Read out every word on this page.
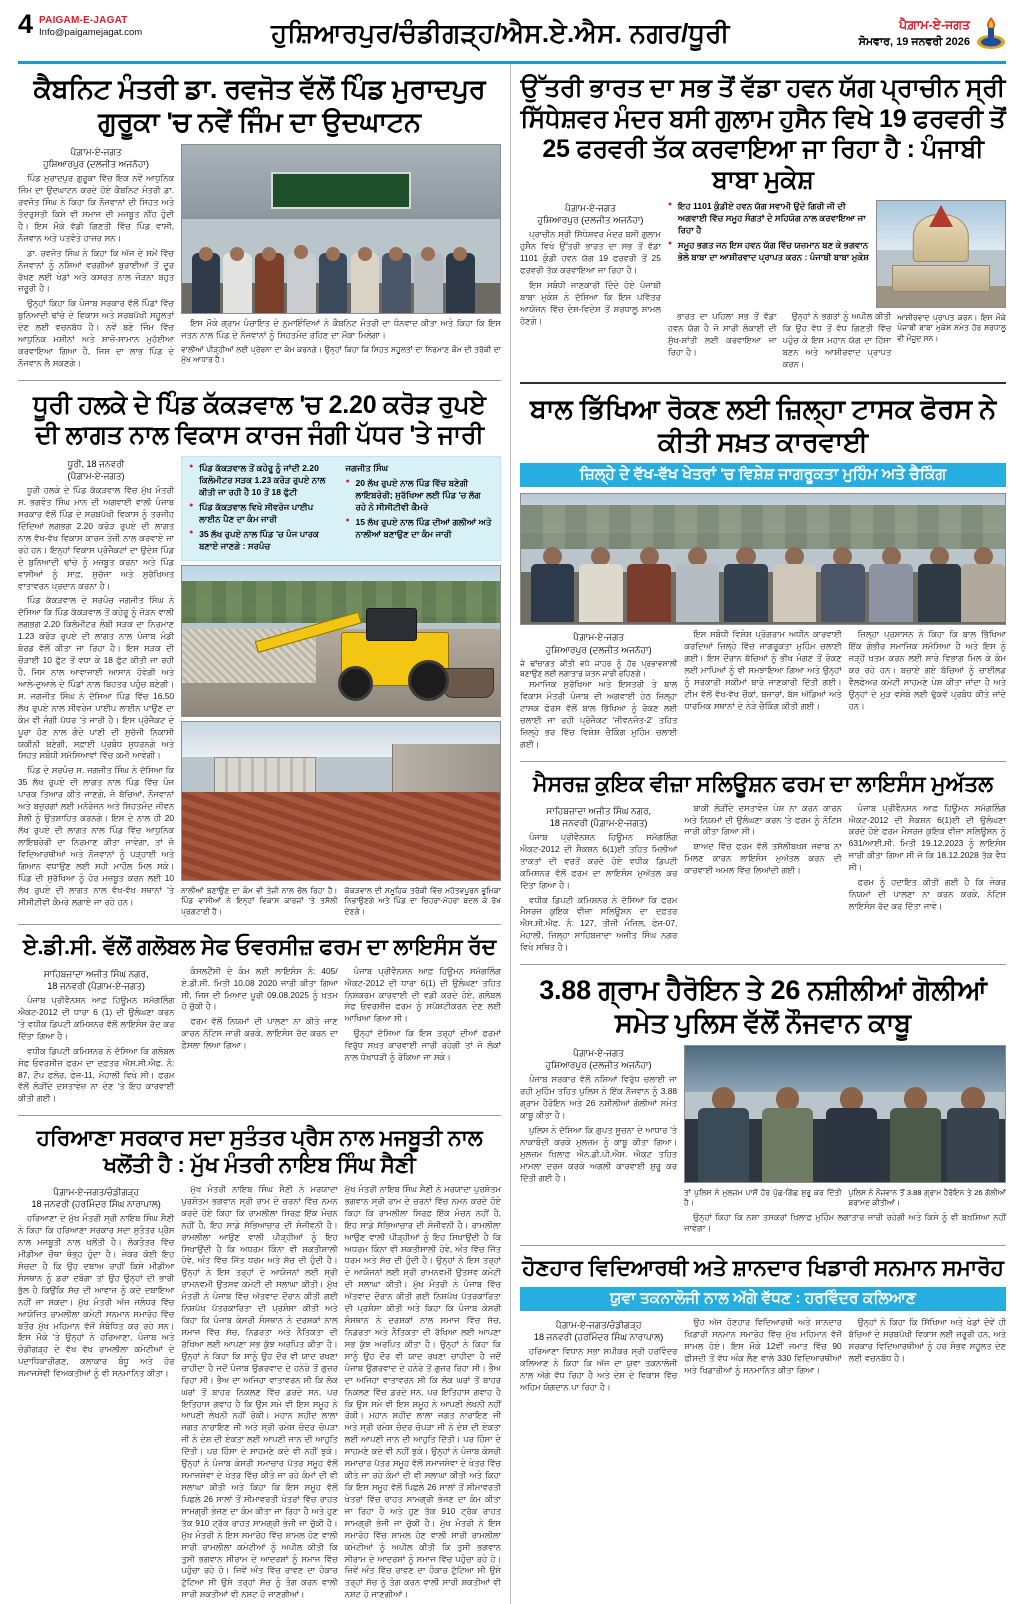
4 PAIGAM-E-JAGAT
Info@paigamejagat.com	ਹੁਸ਼ਿਆਰਪੁਰ/ਚੰਡੀਗੜ੍ਹ/ਐਸ.ਏ.ਐਸ. ਨਗਰ/ਧੂਰੀ	ਪੈਗ਼ਾਮ-ਏ-ਜਗਤ
ਸੋਮਵਾਰ, 19 ਜਨਵਰੀ 2026
ਕੈਬਨਿਟ ਮੰਤਰੀ ਡਾ. ਰਵਜੋਤ ਵੱਲੋਂ ਪਿੰਡ ਮੁਰਾਦਪੁਰ ਗੁਰੂਕਾ 'ਚ ਨਵੇਂ ਜਿੰਮ ਦਾ ਉਦਘਾਟਨ
ਪੈਗ਼ਾਮ-ਏ-ਜਗਤ
ਹੁਸ਼ਿਆਰਪੁਰ (ਦਲਜੀਤ ਅਜਨੋਹਾ)

ਪਿੰਡ ਮੁਰਾਦਪੁਰ ਗੁਰੂਕਾ ਵਿੱਚ ਇਕ ਨਵੇਂ ਆਧੁਨਿਕ ਜਿੰਮ ਦਾ ਉਦਘਾਟਨ ਕਰਦੇ ਹੋਏ ਕੈਬਨਿਟ ਮੰਤਰੀ ਡਾ. ਰਵਜੋਤ ਸਿੰਘ ਨੇ ਕਿਹਾ ਕਿ ਨੌਜਵਾਨਾਂ ਦੀ ਸਿਹਤ ਅਤੇ ਤੰਦਰੁਸਤੀ ਕਿਸੇ ਵੀ ਸਮਾਜ ਦੀ ਮਜਬੂਤ ਨੀਂਹ ਹੁੰਦੀ ਹੈ। ਇਸ ਮੌਕੇ ਵੱਡੀ ਗਿਣਤੀ ਵਿੱਚ ਪਿੰਡ ਵਾਸੀ, ਨੌਜਵਾਨ ਅਤੇ ਪਤਵੰਤੇ ਹਾਜ਼ਰ ਸਨ।

ਡਾ. ਰਵਜੋਤ ਸਿੰਘ ਨੇ ਕਿਹਾ ਕਿ ਅੱਜ ਦੇ ਸਮੇਂ ਵਿੱਚ ਨੌਜਵਾਨਾਂ ਨੂੰ ਨਸ਼ਿਆਂ ਵਰਗੀਆਂ ਬੁਰਾਈਆਂ ਤੋਂ ਦੂਰ ਰੱਖਣ ਲਈ ਖੇਡਾਂ ਅਤੇ ਕਸਰਤ ਨਾਲ ਜੋੜਨਾ ਬਹੁਤ ਜ਼ਰੂਰੀ ਹੈ।

ਉਨ੍ਹਾਂ ਕਿਹਾ ਕਿ ਪੰਜਾਬ ਸਰਕਾਰ ਵੱਲੋਂ ਪਿੰਡਾਂ ਵਿੱਚ ਬੁਨਿਆਦੀ ਢਾਂਚੇ ਦੇ ਵਿਕਾਸ ਅਤੇ ਸਰਬਪੱਖੀ ਸਹੂਲਤਾਂ ਦੇਣ ਲਈ ਵਚਨਬੱਧ ਹੈ। ਨਵੇਂ ਬਣੇ ਜਿੰਮ ਵਿੱਚ ਆਧੁਨਿਕ ਮਸ਼ੀਨਾਂ ਅਤੇ ਸਾਜ਼ੋ-ਸਾਮਾਨ ਮੁਹੱਈਆ ਕਰਵਾਇਆ ਗਿਆ ਹੈ, ਜਿਸ ਦਾ ਲਾਭ ਪਿੰਡ ਦੇ ਨੌਜਵਾਨ ਲੈ ਸਕਣਗੇ।

ਇਸ ਮੌਕੇ ਗ੍ਰਾਮ ਪੰਚਾਇਤ ਦੇ ਨੁਮਾਇੰਦਿਆਂ ਨੇ ਕੈਬਨਿਟ ਮੰਤਰੀ ਦਾ ਧੰਨਵਾਦ ਕੀਤਾ ਅਤੇ ਕਿਹਾ ਕਿ ਇਸ ਜਤਨ ਨਾਲ ਪਿੰਡ ਦੇ ਨੌਜਵਾਨਾਂ ਨੂੰ ਸਿਹਤਮੰਦ ਰਹਿਣ ਦਾ ਮੌਕਾ ਮਿਲੇਗਾ।

ਵਾਲੀਆਂ ਪੀੜ੍ਹੀਆਂ ਲਈ ਪ੍ਰੇਰਨਾ ਦਾ ਕੰਮ ਕਰਨਗੇ। ਉਨ੍ਹਾਂ ਕਿਹਾ ਕਿ ਸਿਹਤ ਸਹੂਲਤਾਂ ਦਾ ਨਿਰਮਾਣ ਕੌਮ ਦੀ ਤਰੱਕੀ ਦਾ ਮੁੱਖ ਆਧਾਰ ਹੈ।
ਧੂਰੀ ਹਲਕੇ ਦੇ ਪਿੰਡ ਕੱਕੜਵਾਲ 'ਚ 2.20 ਕਰੋੜ ਰੁਪਏ ਦੀ ਲਾਗਤ ਨਾਲ ਵਿਕਾਸ ਕਾਰਜ ਜੰਗੀ ਪੱਧਰ 'ਤੇ ਜਾਰੀ
ਧੂਰੀ, 18 ਜਨਵਰੀ
(ਪੈਗ਼ਾਮ-ਏ-ਜਗਤ)

ਧੂਰੀ ਹਲਕੇ ਦੇ ਪਿੰਡ ਕੱਕੜਵਾਲ ਵਿੱਚ ਮੁੱਖ ਮੰਤਰੀ ਸ. ਭਗਵੰਤ ਸਿੰਘ ਮਾਨ ਦੀ ਅਗਵਾਈ ਵਾਲੀ ਪੰਜਾਬ ਸਰਕਾਰ ਵੱਲੋਂ ਪਿੰਡ ਦੇ ਸਰਬਪੱਖੀ ਵਿਕਾਸ ਨੂੰ ਤਰਜੀਹ ਦਿੰਦਿਆਂ ਲਗਭਗ 2.20 ਕਰੋੜ ਰੁਪਏ ਦੀ ਲਾਗਤ ਨਾਲ ਵੱਖ-ਵੱਖ ਵਿਕਾਸ ਕਾਰਜ ਤੇਜ਼ੀ ਨਾਲ ਕਰਵਾਏ ਜਾ ਰਹੇ ਹਨ। ਇਨ੍ਹਾਂ ਵਿਕਾਸ ਪ੍ਰੋਜੈਕਟਾਂ ਦਾ ਉਦੇਸ਼ ਪਿੰਡ ਦੇ ਬੁਨਿਆਦੀ ਢਾਂਚੇ ਨੂੰ ਮਜ਼ਬੂਤ ਕਰਨਾ ਅਤੇ ਪਿੰਡ ਵਾਸੀਆਂ ਨੂੰ ਸਾਫ਼, ਸੁਚੱਜਾ ਅਤੇ ਸੁਰੱਖਿਅਤ ਵਾਤਾਵਰਨ ਪ੍ਰਦਾਨ ਕਰਨਾ ਹੈ।

ਪਿੰਡ ਕੱਕੜਵਾਲ ਦੇ ਸਰਪੰਚ ਜਗਜੀਤ ਸਿੰਘ ਨੇ ਦੱਸਿਆ ਕਿ ਪਿੰਡ ਕੱਕੜਵਾਲ ਤੋਂ ਕਹੇਰੂ ਨੂੰ ਜੋੜਨ ਵਾਲੀ ਲਗਭਗ 2.20 ਕਿਲੋਮੀਟਰ ਲੰਬੀ ਸੜਕ ਦਾ ਨਿਰਮਾਣ 1.23 ਕਰੋੜ ਰੁਪਏ ਦੀ ਲਾਗਤ ਨਾਲ ਪੰਜਾਬ ਮੰਡੀ ਬੋਰਡ ਵੱਲੋਂ ਕੀਤਾ ਜਾ ਰਿਹਾ ਹੈ। ਇਸ ਸੜਕ ਦੀ ਚੌੜਾਈ 10 ਫੁੱਟ ਤੋਂ ਵਧਾ ਕੇ 18 ਫੁੱਟ ਕੀਤੀ ਜਾ ਰਹੀ ਹੈ, ਜਿਸ ਨਾਲ ਆਵਾਜਾਈ ਆਸਾਨ ਹੋਵੇਗੀ ਅਤੇ ਆਲੇ-ਦੁਆਲੇ ਦੇ ਪਿੰਡਾਂ ਨਾਲ ਬਿਹਤਰ ਪਹੁੰਚ ਬਣੇਗੀ। ਸ. ਜਗਜੀਤ ਸਿੰਘ ਨੇ ਦੱਸਿਆ ਪਿੰਡ ਵਿੱਚ 16.50 ਲੱਖ ਰੁਪਏ ਨਾਲ ਸੀਵਰੇਜ ਪਾਈਪ ਲਾਈਨ ਪਾਉਣ ਦਾ ਕੰਮ ਵੀ ਜੰਗੀ ਪੱਧਰ 'ਤੇ ਜਾਰੀ ਹੈ। ਇਸ ਪ੍ਰੋਜੈਕਟ ਦੇ ਪੂਰਾ ਹੋਣ ਨਾਲ ਗੰਦੇ ਪਾਣੀ ਦੀ ਸੁਚੱਜੀ ਨਿਕਾਸੀ ਯਕੀਨੀ ਬਣੇਗੀ, ਸਫ਼ਾਈ ਪ੍ਰਬੰਧ ਸੁਧਰਨਗੇ ਅਤੇ ਸਿਹਤ ਸਬੰਧੀ ਸਮੱਸਿਆਵਾਂ ਵਿੱਚ ਕਮੀ ਆਵੇਗੀ।

ਪਿੰਡ ਦੇ ਸਰਪੰਚ ਸ. ਜਗਜੀਤ ਸਿੰਘ ਨੇ ਦੱਸਿਆ ਕਿ 35 ਲੱਖ ਰੁਪਏ ਦੀ ਲਾਗਤ ਨਾਲ ਪਿੰਡ ਵਿੱਚ ਪੰਜ ਪਾਰਕ ਤਿਆਰ ਕੀਤੇ ਜਾਣਗੇ, ਜੋ ਬੱਚਿਆਂ, ਨੌਜਵਾਨਾਂ ਅਤੇ ਬਜ਼ੁਰਗਾਂ ਲਈ ਮਨੋਰੰਜਨ ਅਤੇ ਸਿਹਤਮੰਦ ਜੀਵਨ ਸ਼ੈਲੀ ਨੂੰ ਉਤਸ਼ਾਹਿਤ ਕਰਨਗੇ। ਇਸ ਦੇ ਨਾਲ ਹੀ 20 ਲੱਖ ਰੁਪਏ ਦੀ ਲਾਗਤ ਨਾਲ ਪਿੰਡ ਵਿੱਚ ਆਧੁਨਿਕ ਲਾਇਬਰੇਰੀ ਦਾ ਨਿਰਮਾਣ ਕੀਤਾ ਜਾਵੇਗਾ, ਤਾਂ ਜੋ ਵਿਦਿਆਰਥੀਆਂ ਅਤੇ ਨੌਜਵਾਨਾਂ ਨੂੰ ਪੜ੍ਹਾਈ ਅਤੇ ਗਿਆਨ ਵਧਾਉਣ ਲਈ ਸਹੀ ਮਾਹੌਲ ਮਿਲ ਸਕੇ। ਪਿੰਡ ਦੀ ਸੁਰੱਖਿਆ ਨੂੰ ਹੋਰ ਮਜ਼ਬੂਤ ਕਰਨ ਲਈ 10 ਲੱਖ ਰੁਪਏ ਦੀ ਲਾਗਤ ਨਾਲ ਵੱਖ-ਵੱਖ ਸਥਾਨਾਂ 'ਤੇ ਸੀਸੀਟੀਵੀ ਕੈਮਰੇ ਲਗਾਏ ਜਾ ਰਹੇ ਹਨ।

● ਪਿੰਡ ਕੱਕੜਵਾਲ ਤੋਂ ਕਹੇਰੂ ਨੂੰ ਜਾਂਦੀ 2.20 ਕਿਲੋਮੀਟਰ ਸੜਕ 1.23 ਕਰੋੜ ਰੁਪਏ ਨਾਲ ਕੀਤੀ ਜਾ ਰਹੀ ਹੈ 10 ਤੋਂ 18 ਫੁੱਟੀ
● ਪਿੰਡ ਕੱਕੜਵਾਲ ਵਿਖੇ ਸੀਵਰੇਜ ਪਾਈਪ ਲਾਈਨ ਪੈਣ ਦਾ ਕੰਮ ਜਾਰੀ
● 35 ਲੱਖ ਰੁਪਏ ਨਾਲ ਪਿੰਡ 'ਚ ਪੰਜ ਪਾਰਕ ਬਣਾਏ ਜਾਣਗੇ : ਸਰਪੰਚ
ਜਗਜੀਤ ਸਿੰਘ
● 20 ਲੱਖ ਰੁਪਏ ਨਾਲ ਪਿੰਡ ਵਿੱਚ ਬਣੇਗੀ ਲਾਇਬਰੇਰੀ; ਸੁਰੱਖਿਆ ਲਈ ਪਿੰਡ 'ਚ ਲੱਗ ਰਹੇ ਨੇ ਸੀਸੀਟੀਵੀ ਕੈਮਰੇ
● 15 ਲੱਖ ਰੁਪਏ ਨਾਲ ਪਿੰਡ ਦੀਆਂ ਗਲੀਆਂ ਅਤੇ ਨਾਲੀਆਂ ਬਣਾਉਣ ਦਾ ਕੰਮ ਜਾਰੀ
ਨਾਲੀਆਂ ਬਣਾਉਣ ਦਾ ਕੰਮ ਵੀ ਤੇਜ਼ੀ ਨਾਲ ਚੱਲ ਰਿਹਾ ਹੈ। ਪਿੰਡ ਵਾਸੀਆਂ ਨੇ ਇਨ੍ਹਾਂ ਵਿਕਾਸ ਕਾਰਜਾਂ 'ਤੇ ਤਸੱਲੀ ਪ੍ਰਗਟਾਈ ਹੈ।
ਕੱਕੜਵਾਲ ਦੀ ਸਮੂਹਿਕ ਤਰੱਕੀ ਵਿੱਚ ਮਹੱਤਵਪੂਰਨ ਭੂਮਿਕਾ ਨਿਭਾਉਣਗੇ ਅਤੇ ਪਿੰਡ ਦਾ ਚਿਹਰਾ-ਮੋਹਰਾ ਬਦਲ ਕੇ ਰੱਖ ਦੇਣਗੇ।
ਏ.ਡੀ.ਸੀ. ਵੱਲੋਂ ਗਲੋਬਲ ਸੇਫ ਓਵਰਸੀਜ਼ ਫਰਮ ਦਾ ਲਾਇਸੰਸ ਰੱਦ
ਸਾਹਿਬਜ਼ਾਦਾ ਅਜੀਤ ਸਿੰਘ ਨਗਰ,
18 ਜਨਵਰੀ (ਪੈਗ਼ਾਮ-ਏ-ਜਗਤ)

ਪੰਜਾਬ ਪ੍ਰੀਵੈਨਸ਼ਨ ਆਫ਼ ਹਿਊਮਨ ਸਮੱਗਲਿੰਗ ਐਕਟ-2012 ਦੀ ਧਾਰਾ 6 (1) ਦੀ ਉਲੰਘਣਾ ਕਰਨ 'ਤੇ ਵਧੀਕ ਡਿਪਟੀ ਕਮਿਸ਼ਨਰ ਵੱਲੋਂ ਲਾਇਸੰਸ ਰੱਦ ਕਰ ਦਿੱਤਾ ਗਿਆ ਹੈ।

ਵਧੀਕ ਡਿਪਟੀ ਕਮਿਸ਼ਨਰ ਨੇ ਦੱਸਿਆ ਕਿ ਗਲੋਬਲ ਸੇਫ ਓਵਰਸੀਜ਼ ਫਰਮ ਦਾ ਦਫ਼ਤਰ ਐਸ.ਸੀ.ਐਫ. ਨੰ: 87, ਟੌਪ ਫਲੋਰ, ਫੇਜ਼-11, ਮੋਹਾਲੀ ਵਿਖੇ ਸੀ। ਫਰਮ ਵੱਲੋਂ ਲੋੜੀਂਦੇ ਦਸਤਾਵੇਜ਼ ਨਾ ਦੇਣ 'ਤੇ ਇਹ ਕਾਰਵਾਈ ਕੀਤੀ ਗਈ।

ਕੰਸਲਟੈਂਸੀ ਦੇ ਕੰਮ ਲਈ ਲਾਇਸੰਸ ਨੰ: 405/ਏ.ਡੀ.ਸੀ. ਮਿਤੀ 10.08 2020 ਜਾਰੀ ਕੀਤਾ ਗਿਆ ਸੀ, ਜਿਸ ਦੀ ਮਿਆਦ ਪੂਰੀ 09.08.2025 ਨੂੰ ਖ਼ਤਮ ਹੋ ਚੁੱਕੀ ਹੈ।

ਫਰਮ ਵੱਲੋਂ ਨਿਯਮਾਂ ਦੀ ਪਾਲਣਾ ਨਾ ਕੀਤੇ ਜਾਣ ਕਾਰਨ ਨੋਟਿਸ ਜਾਰੀ ਕਰਕੇ, ਲਾਇਸੰਸ ਰੱਦ ਕਰਨ ਦਾ ਫ਼ੈਸਲਾ ਲਿਆ ਗਿਆ।

ਪੰਜਾਬ ਪ੍ਰੀਵੈਨਸ਼ਨ ਆਫ਼ ਹਿਊਮਨ ਸਮੱਗਲਿੰਗ ਐਕਟ-2012 ਦੀ ਧਾਰਾ 6(1) ਦੀ ਉਲੰਘਣਾ ਤਹਿਤ ਨਿਸ਼ਕਰਮ ਕਾਰਵਾਈ ਦੀ ਵਡੀ ਕਰਦੇ ਹੋਏ, ਗਲੋਬਲ ਸੇਫ ਓਵਰਸੀਜ਼ ਫਰਮ ਨੂੰ ਸਪੱਸ਼ਟੀਕਰਨ ਦੇਣ ਲਈ ਆਖਿਆ ਗਿਆ ਸੀ।

ਉਨ੍ਹਾਂ ਦੱਸਿਆ ਕਿ ਇਸ ਤਰ੍ਹਾਂ ਦੀਆਂ ਫਰਮਾਂ ਵਿਰੁੱਧ ਸਖ਼ਤ ਕਾਰਵਾਈ ਜਾਰੀ ਰਹੇਗੀ ਤਾਂ ਜੋ ਲੋਕਾਂ ਨਾਲ ਧੋਖਾਧੜੀ ਨੂੰ ਰੋਕਿਆ ਜਾ ਸਕੇ।

ਹਰਿਆਣਾ ਸਰਕਾਰ ਸਦਾ ਸੁਤੰਤਰ ਪ੍ਰੈਸ ਨਾਲ ਮਜਬੂਤੀ ਨਾਲ ਖਲੋਂਤੀ ਹੈ : ਮੁੱਖ ਮੰਤਰੀ ਨਾਇਬ ਸਿੰਘ ਸੈਣੀ
ਪੈਗ਼ਾਮ-ਏ-ਜਗਤ/ਚੰਡੀਗੜ੍ਹ
18 ਜਨਵਰੀ (ਹਰਮਿੰਦਰ ਸਿੰਘ ਨਾਰਾਪਾਲ)

ਹਰਿਆਣਾ ਦੇ ਮੁੱਖ ਮੰਤਰੀ ਸ੍ਰੀ ਨਾਇਬ ਸਿੰਘ ਸੈਣੀ ਨੇ ਕਿਹਾ ਕਿ ਹਰਿਆਣਾ ਸਰਕਾਰ ਸਦਾ ਸੁਤੰਤਰ ਪ੍ਰੈਸ ਨਾਲ ਮਜਬੂਤੀ ਨਾਲ ਖਲੋਂਤੀ ਹੈ। ਲੋਕਤੰਤਰ ਵਿੱਚ ਮੀਡੀਆ ਚੌਥਾ ਥੰਭ੍ਹ ਹੁੰਦਾ ਹੈ। ਜੇਕਰ ਕੋਈ ਇਹ ਸੋਚਦਾ ਹੈ ਕਿ ਉਹ ਦਬਾਅ ਰਾਹੀਂ ਕਿਸੇ ਮੀਡੀਆ ਸੰਸਥਾਨ ਨੂੰ ਡਰਾ ਦਬੋਗਾ ਤਾਂ ਉਹ ਉਨ੍ਹਾਂ ਦੀ ਭਾਰੀ ਭੁੱਲ ਹੈ ਕਿਉਂਕਿ ਸੱਚ ਦੀ ਆਵਾਜ਼ ਨੂੰ ਕਦੇ ਦਬਾਇਆ ਨਹੀਂ ਜਾ ਸਕਦਾ। ਮੁੱਖ ਮੰਤਰੀ ਅੱਜ ਜਲੰਧਰ ਵਿੱਚ ਆਯੋਜਿਤ ਰਾਮਲੀਲਾ ਕਮੇਟੀ ਸਨਮਾਨ ਸਮਾਰੋਹ ਵਿੱਚ ਬਤੌਰ ਮੁੱਖ ਮਹਿਮਾਨ ਵੱਜੋਂ ਸੰਬੋਧਿਤ ਕਰ ਰਹੇ ਸਨ। ਇਸ ਮੌਕੇ 'ਤੇ ਉਨ੍ਹਾਂ ਨੇ ਹਰਿਆਣਾ, ਪੰਜਾਬ ਅਤੇ ਚੰਡੀਗੜ੍ਹ ਦੇ ਵੱਖ ਵੱਖ ਰਾਮਲੀਲਾ ਕਮੇਟੀਆਂ ਦੇ ਪਦਾਧਿਕਾਰੀਗਣ, ਕਲਾਕਾਰ ਬੰਧੂ ਅਤੇ ਹੋਰ ਸਮਾਜਸੇਵੀ ਵਿਅਕਤੀਆਂ ਨੂੰ ਵੀ ਸਨਮਾਨਿਤ ਕੀਤਾ।

ਮੁੱਖ ਮੰਤਰੀ ਨਾਇਬ ਸਿੰਘ ਸੈਣੀ ਨੇ ਮਰਯਾਦਾ ਪੁਰਸ਼ੋਤਮ ਭਗਵਾਨ ਸ੍ਰੀ ਰਾਮ ਦੇ ਚਰਨਾਂ ਵਿੱਚ ਨਮਨ ਕਰਦੇ ਹੋਏ ਕਿਹਾ ਕਿ ਰਾਮਲੀਲਾ ਸਿਰਫ਼ ਇੱਕ ਮੰਚਨ ਨਹੀਂ ਹੈ, ਇਹ ਸਾਡੇ ਸੱਭਿਆਚਾਰ ਦੀ ਸੰਜੀਵਨੀ ਹੈ। ਰਾਮਲੀਲਾ ਆਉਣ ਵਾਲੀ ਪੀੜ੍ਹੀਆਂ ਨੂੰ ਇਹ ਸਿਖਾਉਂਦੀ ਹੈ ਕਿ ਅਧਰਮ ਕਿੰਨਾ ਵੀ ਸ਼ਕਤੀਸ਼ਾਲੀ ਹੋਵੇ, ਅੰਤ ਵਿੱਚ ਜਿੱਤ ਧਰਮ ਅਤੇ ਸੱਚ ਦੀ ਹੁੰਦੀ ਹੈ। ਉਨ੍ਹਾਂ ਨੇ ਇਸ ਤਰ੍ਹਾਂ ਦੇ ਆਯੋਜਨਾਂ ਲਈ ਸ੍ਰੀ ਰਾਮਨਵਮੀ ਉਤਸਵ ਕਮੇਟੀ ਦੀ ਸਲਾਘਾ ਕੀਤੀ। ਮੁੱਖ ਮੰਤਰੀ ਨੇ ਪੰਜਾਬ ਵਿੱਚ ਅੱਤਵਾਦ ਦੌਰਾਨ ਕੀਤੀ ਗਈ ਨਿਸ਼ਪੱਖ ਪੱਤਰਕਾਰਿਤਾ ਦੀ ਪ੍ਰਸ਼ੰਸਾ ਕੀਤੀ ਅਤੇ ਕਿਹਾ ਕਿ ਪੰਜਾਬ ਕੇਸਰੀ ਸੰਸਥਾਨ ਨੇ ਦਰਸ਼ਕਾਂ ਨਾਲ ਸਮਾਜ ਵਿੱਚ ਸੱਚ, ਨਿਡਰਤਾ ਅਤੇ ਨੈਤਿਕਤਾ ਦੀ ਰੱਖਿਆ ਲਈ ਆਪਣਾ ਸਭ ਕੁੱਝ ਅਰਪਿਤ ਕੀਤਾ ਹੈ। ਉਨ੍ਹਾਂ ਨੇ ਕਿਹਾ ਕਿ ਸਾਨੂੰ ਉਹ ਦੌਰ ਵੀ ਯਾਦ ਰਖਣਾ ਚਾਹੀਦਾ ਹੈ ਜਦੋਂ ਪੰਜਾਬ ਉਗਰਵਾਦ ਦੇ ਹਨੇਰੇ ਤੋਂ ਗੁਜ਼ਰ ਰਿਹਾ ਸੀ। ਭੈਅ ਦਾ ਅਜਿਹਾ ਵਾਤਾਵਰਨ ਸੀ ਕਿ ਲੋਕ ਘਰਾਂ ਤੋਂ ਬਾਹਰ ਨਿਕਲਣ ਵਿੱਚ ਡਰਦੇ ਸਨ, ਪਰ ਇਤਿਹਾਸ ਗਵਾਹ ਹੈ ਕਿ ਉਸ ਸਮੇ ਵੀ ਇਸ ਸਮੂਹ ਨੇ ਆਪਣੀ ਲੇਖਨੀ ਨਹੀਂ ਰੋਕੀ। ਮਹਾਨ ਸ਼ਹੀਦ ਲਾਲਾ ਜਗਤ ਨਾਰਾਇਣ ਜੀ ਅਤੇ ਸ੍ਰੀ ਰਮੇਸ਼ ਚੰਦਰ ਚੋਪੜਾ ਜੀ ਨੇ ਦੇਸ਼ ਦੀ ਏਕਤਾ ਲਈ ਆਪਣੀ ਜਾਨ ਦੀ ਆਹੁਤਿ ਦਿੱਤੀ। ਪਰ ਹਿੰਸਾ ਦੇ ਸਾਹਮਣੇ ਕਦੇ ਵੀ ਨਹੀਂ ਝੁਕੇ। ਉਨ੍ਹਾਂ ਨੇ ਪੰਜਾਬ ਕੇਸਰੀ ਸਮਾਚਾਰ ਪੱਤਰ ਸਮੂਹ ਵੱਲੋਂ ਸਮਾਜਸੇਵਾ ਦੇ ਖੇਤਰ ਵਿੱਚ ਕੀਤੇ ਜਾ ਰਹੇ ਕੰਮਾਂ ਦੀ ਵੀ ਸਲਾਘਾ ਕੀਤੀ ਅਤੇ ਕਿਹਾ ਕਿ ਇਸ ਸਮੂਹ ਵੱਲੋਂ ਪਿਛਲੇ 26 ਸਾਲਾਂ ਤੋਂ ਸੀਮਾਵਰਤੀ ਖੇਤਰਾਂ ਵਿੱਚ ਰਾਹਤ ਸਾਮਗ੍ਰੀ ਭੇਜਣ ਦਾ ਕੰਮ ਕੀਤਾ ਜਾ ਰਿਹਾ ਹੈ ਅਤੇ ਹੁਣ ਤੱਕ 910 ਟ੍ਰੱਕ ਰਾਹਤ ਸਾਮਗ੍ਰੀ ਭੇਜੀ ਜਾ ਚੁੱਕੀ ਹੈ। ਮੁੱਖ ਮੰਤਰੀ ਨੇ ਇਸ ਸਮਾਰੋਹ ਵਿੱਚ ਸ਼ਾਮਲ ਹੋਣ ਵਾਲੀ ਸਾਰੀ ਰਾਮਲੀਲਾ ਕਮੇਟੀਆਂ ਨੂੰ ਅਪੀਲ ਕੀਤੀ ਕਿ ਤੁਸੀ ਭਗਵਾਨ ਸੀਰਾਮ ਦੇ ਆਦਰਸ਼ਾਂ ਨੂੰ ਸਮਾਜ ਵਿੱਚ ਪਹੁੰਚਾ ਰਹੇ ਹੋ। ਜਿਵੇਂ ਅੰਤ ਵਿੱਚ ਰਾਵਣ ਦਾ ਹੰਕਾਰ ਟੁੱਟਿਆ ਸੀ ਉਸੇ ਤਰ੍ਹਾਂ ਸੱਚ ਨੂੰ ਤੰਗ ਕਰਨ ਵਾਲੀ ਸਾਰੀ ਸ਼ਕਤੀਆਂ ਵੀ ਨਸ਼ਟ ਹੋ ਜਾਣਗੀਆਂ।

ਮੁੱਖ ਮੰਤਰੀ ਨਾਇਬ ਸਿੰਘ ਸੈਣੀ ਨੇ ਮਰਯਾਦਾ ਪੁਰਸ਼ੋਤਮ ਭਗਵਾਨ ਸ੍ਰੀ ਰਾਮ ਦੇ ਚਰਨਾਂ ਵਿੱਚ ਨਮਨ ਕਰਦੇ ਹੋਏ ਕਿਹਾ ਕਿ ਰਾਮਲੀਲਾ ਸਿਰਫ਼ ਇੱਕ ਮੰਚਨ ਨਹੀਂ ਹੈ, ਇਹ ਸਾਡੇ ਸੱਭਿਆਚਾਰ ਦੀ ਸੰਜੀਵਨੀ ਹੈ। ਰਾਮਲੀਲਾ ਆਉਣ ਵਾਲੀ ਪੀੜ੍ਹੀਆਂ ਨੂੰ ਇਹ ਸਿਖਾਉਂਦੀ ਹੈ ਕਿ ਅਧਰਮ ਕਿੰਨਾ ਵੀ ਸ਼ਕਤੀਸ਼ਾਲੀ ਹੋਵੇ, ਅੰਤ ਵਿੱਚ ਜਿੱਤ ਧਰਮ ਅਤੇ ਸੱਚ ਦੀ ਹੁੰਦੀ ਹੈ। ਉਨ੍ਹਾਂ ਨੇ ਇਸ ਤਰ੍ਹਾਂ ਦੇ ਆਯੋਜਨਾਂ ਲਈ ਸ੍ਰੀ ਰਾਮਨਵਮੀ ਉਤਸਵ ਕਮੇਟੀ ਦੀ ਸਲਾਘਾ ਕੀਤੀ। ਮੁੱਖ ਮੰਤਰੀ ਨੇ ਪੰਜਾਬ ਵਿੱਚ ਅੱਤਵਾਦ ਦੌਰਾਨ ਕੀਤੀ ਗਈ ਨਿਸ਼ਪੱਖ ਪੱਤਰਕਾਰਿਤਾ ਦੀ ਪ੍ਰਸ਼ੰਸਾ ਕੀਤੀ ਅਤੇ ਕਿਹਾ ਕਿ ਪੰਜਾਬ ਕੇਸਰੀ ਸੰਸਥਾਨ ਨੇ ਦਰਸ਼ਕਾਂ ਨਾਲ ਸਮਾਜ ਵਿੱਚ ਸੱਚ, ਨਿਡਰਤਾ ਅਤੇ ਨੈਤਿਕਤਾ ਦੀ ਰੱਖਿਆ ਲਈ ਆਪਣਾ ਸਭ ਕੁੱਝ ਅਰਪਿਤ ਕੀਤਾ ਹੈ। ਉਨ੍ਹਾਂ ਨੇ ਕਿਹਾ ਕਿ ਸਾਨੂੰ ਉਹ ਦੌਰ ਵੀ ਯਾਦ ਰਖਣਾ ਚਾਹੀਦਾ ਹੈ ਜਦੋਂ ਪੰਜਾਬ ਉਗਰਵਾਦ ਦੇ ਹਨੇਰੇ ਤੋਂ ਗੁਜ਼ਰ ਰਿਹਾ ਸੀ। ਭੈਅ ਦਾ ਅਜਿਹਾ ਵਾਤਾਵਰਨ ਸੀ ਕਿ ਲੋਕ ਘਰਾਂ ਤੋਂ ਬਾਹਰ ਨਿਕਲਣ ਵਿੱਚ ਡਰਦੇ ਸਨ, ਪਰ ਇਤਿਹਾਸ ਗਵਾਹ ਹੈ ਕਿ ਉਸ ਸਮੇ ਵੀ ਇਸ ਸਮੂਹ ਨੇ ਆਪਣੀ ਲੇਖਨੀ ਨਹੀਂ ਰੋਕੀ। ਮਹਾਨ ਸ਼ਹੀਦ ਲਾਲਾ ਜਗਤ ਨਾਰਾਇਣ ਜੀ ਅਤੇ ਸ੍ਰੀ ਰਮੇਸ਼ ਚੰਦਰ ਚੋਪੜਾ ਜੀ ਨੇ ਦੇਸ਼ ਦੀ ਏਕਤਾ ਲਈ ਆਪਣੀ ਜਾਨ ਦੀ ਆਹੁਤਿ ਦਿੱਤੀ। ਪਰ ਹਿੰਸਾ ਦੇ ਸਾਹਮਣੇ ਕਦੇ ਵੀ ਨਹੀਂ ਝੁਕੇ। ਉਨ੍ਹਾਂ ਨੇ ਪੰਜਾਬ ਕੇਸਰੀ ਸਮਾਚਾਰ ਪੱਤਰ ਸਮੂਹ ਵੱਲੋਂ ਸਮਾਜਸੇਵਾ ਦੇ ਖੇਤਰ ਵਿੱਚ ਕੀਤੇ ਜਾ ਰਹੇ ਕੰਮਾਂ ਦੀ ਵੀ ਸਲਾਘਾ ਕੀਤੀ ਅਤੇ ਕਿਹਾ ਕਿ ਇਸ ਸਮੂਹ ਵੱਲੋਂ ਪਿਛਲੇ 26 ਸਾਲਾਂ ਤੋਂ ਸੀਮਾਵਰਤੀ ਖੇਤਰਾਂ ਵਿੱਚ ਰਾਹਤ ਸਾਮਗ੍ਰੀ ਭੇਜਣ ਦਾ ਕੰਮ ਕੀਤਾ ਜਾ ਰਿਹਾ ਹੈ ਅਤੇ ਹੁਣ ਤੱਕ 910 ਟ੍ਰੱਕ ਰਾਹਤ ਸਾਮਗ੍ਰੀ ਭੇਜੀ ਜਾ ਚੁੱਕੀ ਹੈ। ਮੁੱਖ ਮੰਤਰੀ ਨੇ ਇਸ ਸਮਾਰੋਹ ਵਿੱਚ ਸ਼ਾਮਲ ਹੋਣ ਵਾਲੀ ਸਾਰੀ ਰਾਮਲੀਲਾ ਕਮੇਟੀਆਂ ਨੂੰ ਅਪੀਲ ਕੀਤੀ ਕਿ ਤੁਸੀ ਭਗਵਾਨ ਸੀਰਾਮ ਦੇ ਆਦਰਸ਼ਾਂ ਨੂੰ ਸਮਾਜ ਵਿੱਚ ਪਹੁੰਚਾ ਰਹੇ ਹੋ। ਜਿਵੇਂ ਅੰਤ ਵਿੱਚ ਰਾਵਣ ਦਾ ਹੰਕਾਰ ਟੁੱਟਿਆ ਸੀ ਉਸੇ ਤਰ੍ਹਾਂ ਸੱਚ ਨੂੰ ਤੰਗ ਕਰਨ ਵਾਲੀ ਸਾਰੀ ਸ਼ਕਤੀਆਂ ਵੀ ਨਸ਼ਟ ਹੋ ਜਾਣਗੀਆਂ।

ਉੱਤਰੀ ਭਾਰਤ ਦਾ ਸਭ ਤੋਂ ਵੱਡਾ ਹਵਨ ਯੱਗ ਪ੍ਰਾਚੀਨ ਸ੍ਰੀ ਸਿੱਧੇਸ਼ਵਰ ਮੰਦਰ ਬਸੀ ਗੁਲਾਮ ਹੁਸੈਨ ਵਿਖੇ 19 ਫਰਵਰੀ ਤੋਂ 25 ਫਰਵਰੀ ਤੱਕ ਕਰਵਾਇਆ ਜਾ ਰਿਹਾ ਹੈ : ਪੰਜਾਬੀ ਬਾਬਾ ਮੁਕੇਸ਼
ਪੈਗ਼ਾਮ-ਏ-ਜਗਤ
ਹੁਸ਼ਿਆਰਪੁਰ (ਦਲਜੀਤ ਅਜਨੋਹਾ)

ਪ੍ਰਾਚੀਨ ਸ੍ਰੀ ਸਿੱਧੇਸ਼ਵਰ ਮੰਦਰ ਬਸੀ ਗੁਲਾਮ ਹੁਸੈਨ ਵਿਖੇ ਉੱਤਰੀ ਭਾਰਤ ਦਾ ਸਭ ਤੋਂ ਵੱਡਾ 1101 ਕੁੰਡੀ ਹਵਨ ਯੱਗ 19 ਫਰਵਰੀ ਤੋਂ 25 ਫਰਵਰੀ ਤੱਕ ਕਰਵਾਇਆ ਜਾ ਰਿਹਾ ਹੈ।

ਇਸ ਸਬੰਧੀ ਜਾਣਕਾਰੀ ਦਿੰਦੇ ਹੋਏ ਪੰਜਾਬੀ ਬਾਬਾ ਮੁਕੇਸ਼ ਨੇ ਦੱਸਿਆ ਕਿ ਇਸ ਪਵਿੱਤਰ ਆਯੋਜਨ ਵਿੱਚ ਦੇਸ਼-ਵਿਦੇਸ਼ ਤੋਂ ਸ਼ਰਧਾਲੂ ਸ਼ਾਮਲ ਹੋਣਗੇ।

● ਇਹ 1101 ਕੁੰਡੀਏ ਹਵਨ ਯੱਗ ਸਵਾਮੀ ਉਦੇ ਗਿਰੀ ਜੀ ਦੀ ਅਗਵਾਈ ਵਿੱਚ ਸਮੂਹ ਸੰਗਤਾਂ ਦੇ ਸਹਿਯੋਗ ਨਾਲ ਕਰਵਾਇਆ ਜਾ ਰਿਹਾ ਹੈ
● ਸਮੂਹ ਭਗਤ ਜਨ ਇਸ ਹਵਨ ਯੱਗ ਵਿੱਚ ਯਜ਼ਮਾਨ ਬਣ ਕੇ ਭਗਵਾਨ ਭੋਲੇ ਬਾਬਾ ਦਾ ਆਸ਼ੀਰਵਾਦ ਪ੍ਰਾਪਤ ਕਰਨ : ਪੰਜਾਬੀ ਬਾਬਾ ਮੁਕੇਸ਼

ਭਾਰਤ ਦਾ ਪਹਿਲਾ ਸਭ ਤੋਂ ਵੱਡਾ ਹਵਨ ਯੱਗ ਹੈ ਜੋ ਸਾਰੀ ਲੋਕਾਈ ਦੀ ਸੁੱਖ-ਸ਼ਾਂਤੀ ਲਈ ਕਰਵਾਇਆ ਜਾ ਰਿਹਾ ਹੈ।

ਉਨ੍ਹਾਂ ਨੇ ਭਗਤਾਂ ਨੂੰ ਅਪੀਲ ਕੀਤੀ ਕਿ ਉਹ ਵੱਧ ਤੋਂ ਵੱਧ ਗਿਣਤੀ ਵਿੱਚ ਪਹੁੰਚ ਕੇ ਇਸ ਮਹਾਨ ਯੱਗ ਦਾ ਹਿੱਸਾ ਬਣਨ ਅਤੇ ਆਸ਼ੀਰਵਾਦ ਪ੍ਰਾਪਤ ਕਰਨ।

ਆਸ਼ੀਰਵਾਦ ਪ੍ਰਾਪਤ ਕਰਨ। ਇਸ ਮੌਕੇ ਪੰਜਾਬੀ ਬਾਬਾ ਮੁਕੇਸ਼ ਸਮੇਤ ਹੋਰ ਸ਼ਰਧਾਲੂ ਵੀ ਮੌਜੂਦ ਸਨ।
ਬਾਲ ਭਿੱਖਿਆ ਰੋਕਣ ਲਈ ਜ਼ਿਲ੍ਹਾ ਟਾਸਕ ਫੋਰਸ ਨੇ ਕੀਤੀ ਸਖ਼ਤ ਕਾਰਵਾਈ
ਜ਼ਿਲ੍ਹੇ ਦੇ ਵੱਖ-ਵੱਖ ਖੇਤਰਾਂ 'ਚ ਵਿਸ਼ੇਸ਼ ਜਾਗਰੂਕਤਾ ਮੁਹਿੰਮ ਅਤੇ ਚੈਕਿੰਗ
ਪੈਗ਼ਾਮ-ਏ-ਜਗਤ
ਹੁਸ਼ਿਆਰਪੁਰ (ਦਲਜੀਤ ਅਜਨੋਹਾ)
ਜੇ ਢਾਂਚਾਗਤ ਕੀਤੀ ਵਧੇ ਜਾਹਰ ਨੂੰ ਹੋਰ ਪ੍ਰਭਾਵਸ਼ਾਲੀ ਬਣਾਉਣ ਲਈ ਲਗਾਤਾਰ ਯਤਨ ਜਾਰੀ ਰਹਿਣਗੇ।

ਸਮਾਜਿਕ ਸੁਰੱਖਿਆ ਅਤੇ ਇਸਤਰੀ ਤੇ ਬਾਲ ਵਿਕਾਸ ਮੰਤਰੀ ਪੰਜਾਬ ਦੀ ਅਗਵਾਈ ਹੇਠ ਜ਼ਿਲ੍ਹਾ ਟਾਸਕ ਫੋਰਸ ਵੱਲੋਂ ਬਾਲ ਭਿੱਖਿਆ ਨੂੰ ਰੋਕਣ ਲਈ ਚਲਾਈ ਜਾ ਰਹੀ ਪ੍ਰੋਜੈਕਟ 'ਜੀਵਨਜੋਤ-2' ਤਹਿਤ ਜ਼ਿਲ੍ਹੇ ਭਰ ਵਿੱਚ ਵਿਸ਼ੇਸ਼ ਚੈਕਿੰਗ ਮੁਹਿੰਮ ਚਲਾਈ ਗਈ।

ਇਸ ਸਬੰਧੀ ਵਿਸ਼ੇਸ਼ ਪ੍ਰੋਗਰਾਮ ਅਧੀਨ ਕਾਰਵਾਈ ਕਰਦਿਆਂ ਜ਼ਿਲ੍ਹੇ ਵਿੱਚ ਜਾਗਰੂਕਤਾ ਮੁਹਿੰਮ ਚਲਾਈ ਗਈ। ਇਸ ਦੌਰਾਨ ਬੱਚਿਆਂ ਨੂੰ ਭੀਖ ਮੰਗਣ ਤੋਂ ਰੋਕਣ ਲਈ ਮਾਪਿਆਂ ਨੂੰ ਵੀ ਸਮਝਾਇਆ ਗਿਆ ਅਤੇ ਉਨ੍ਹਾਂ ਨੂੰ ਸਰਕਾਰੀ ਸਕੀਮਾਂ ਬਾਰੇ ਜਾਣਕਾਰੀ ਦਿੱਤੀ ਗਈ। ਟੀਮ ਵੱਲੋਂ ਵੱਖ-ਵੱਖ ਚੌਕਾਂ, ਬਜ਼ਾਰਾਂ, ਬੱਸ ਅੱਡਿਆਂ ਅਤੇ ਧਾਰਮਿਕ ਸਥਾਨਾਂ ਦੇ ਨੇੜੇ ਚੈਕਿੰਗ ਕੀਤੀ ਗਈ।

ਜ਼ਿਲ੍ਹਾ ਪ੍ਰਸ਼ਾਸਨ ਨੇ ਕਿਹਾ ਕਿ ਬਾਲ ਭਿੱਖਿਆ ਇੱਕ ਗੰਭੀਰ ਸਮਾਜਿਕ ਸਮੱਸਿਆ ਹੈ ਅਤੇ ਇਸ ਨੂੰ ਜੜ੍ਹੋਂ ਖ਼ਤਮ ਕਰਨ ਲਈ ਸਾਰੇ ਵਿਭਾਗ ਮਿਲ ਕੇ ਕੰਮ ਕਰ ਰਹੇ ਹਨ। ਬਚਾਏ ਗਏ ਬੱਚਿਆਂ ਨੂੰ ਚਾਈਲਡ ਵੈਲਫੇਅਰ ਕਮੇਟੀ ਸਾਹਮਣੇ ਪੇਸ਼ ਕੀਤਾ ਜਾਂਦਾ ਹੈ ਅਤੇ ਉਨ੍ਹਾਂ ਦੇ ਮੁੜ ਵਸੇਬੇ ਲਈ ਢੁੱਕਵੇਂ ਪ੍ਰਬੰਧ ਕੀਤੇ ਜਾਂਦੇ ਹਨ।

ਮੈਸਰਜ਼ ਕੁਇਕ ਵੀਜ਼ਾ ਸਲਿਊਸ਼ਨ ਫਰਮ ਦਾ ਲਾਇਸੰਸ ਮੁਅੱਤਲ
ਸਾਹਿਬਜ਼ਾਦਾ ਅਜੀਤ ਸਿੰਘ ਨਗਰ,
18 ਜਨਵਰੀ (ਪੈਗ਼ਾਮ-ਏ-ਜਗਤ)

ਪੰਜਾਬ ਪ੍ਰੀਵੈਨਸ਼ਨ ਹਿਊਮਨ ਸਮੱਗਲਿੰਗ ਐਕਟ-2012 ਦੀ ਸੈਕਸ਼ਨ 6(1)ਈ ਤਹਿਤ ਮਿਲੀਆਂ ਤਾਕਤਾਂ ਦੀ ਵਰਤੋਂ ਕਰਦੇ ਹੋਏ ਵਧੀਕ ਡਿਪਟੀ ਕਮਿਸ਼ਨਰ ਵੱਲੋਂ ਫਰਮ ਦਾ ਲਾਇਸੰਸ ਮੁਅੱਤਲ ਕਰ ਦਿੱਤਾ ਗਿਆ ਹੈ।

ਵਧੀਕ ਡਿਪਟੀ ਕਮਿਸ਼ਨਰ ਨੇ ਦੱਸਿਆ ਕਿ ਫਰਮ ਮੈਸਰਜ਼ ਕੁਇਕ ਵੀਜ਼ਾ ਸਲਿਊਸ਼ਨ ਦਾ ਦਫ਼ਤਰ ਐਸ.ਸੀ.ਐਫ. ਨੰ: 127, ਤੀਜੀ ਮੰਜ਼ਿਲ, ਫੇਜ਼-07, ਮੋਹਾਲੀ, ਜ਼ਿਲ੍ਹਾ ਸਾਹਿਬਜ਼ਾਦਾ ਅਜੀਤ ਸਿੰਘ ਨਗਰ ਵਿਖੇ ਸਥਿਤ ਹੈ।

ਬਾਕੀ ਲੋੜੀਂਦੇ ਦਸਤਾਵੇਜ਼ ਪੇਸ਼ ਨਾ ਕਰਨ ਕਾਰਨ ਅਤੇ ਨਿਯਮਾਂ ਦੀ ਉਲੰਘਣਾ ਕਰਨ 'ਤੇ ਫਰਮ ਨੂੰ ਨੋਟਿਸ ਜਾਰੀ ਕੀਤਾ ਗਿਆ ਸੀ।

ਬਾਅਦ ਵਿੱਚ ਫਰਮ ਵੱਲੋਂ ਤਸੱਲੀਬਖ਼ਸ਼ ਜਵਾਬ ਨਾ ਮਿਲਣ ਕਾਰਨ ਲਾਇਸੰਸ ਮੁਅੱਤਲ ਕਰਨ ਦੀ ਕਾਰਵਾਈ ਅਮਲ ਵਿੱਚ ਲਿਆਂਦੀ ਗਈ।

ਪੰਜਾਬ ਪ੍ਰੀਵੈਨਸ਼ਨ ਆਫ਼ ਹਿਊਮਨ ਸਮੱਗਲਿੰਗ ਐਕਟ-2012 ਦੀ ਸੈਕਸ਼ਨ 6(1)ਈ ਦੀ ਉਲੰਘਣਾ ਕਰਦੇ ਹੋਏ ਫਰਮ ਮੈਸਰਜ਼ ਕੁਇਕ ਵੀਜ਼ਾ ਸਲਿਊਸ਼ਨ ਨੂੰ 631/ਆਈ.ਸੀ. ਮਿਤੀ 19.12.2023 ਨੂੰ ਲਾਇਸੰਸ ਜਾਰੀ ਕੀਤਾ ਗਿਆ ਸੀ ਜੋ ਕਿ 18.12.2028 ਤੱਕ ਵੈਧ ਸੀ।

ਫਰਮ ਨੂੰ ਹਦਾਇਤ ਕੀਤੀ ਗਈ ਹੈ ਕਿ ਜੇਕਰ ਨਿਯਮਾਂ ਦੀ ਪਾਲਣਾ ਨਾ ਕਰਨ ਕਰਕੇ, ਨੋਟਿਸ ਲਾਇਸੰਸ ਰੱਦ ਕਰ ਦਿੱਤਾ ਜਾਵੇ।

3.88 ਗ੍ਰਾਮ ਹੈਰੋਇਨ ਤੇ 26 ਨਸ਼ੀਲੀਆਂ ਗੋਲੀਆਂ ਸਮੇਤ ਪੁਲਿਸ ਵੱਲੋਂ ਨੌਜਵਾਨ ਕਾਬੂ
ਪੈਗ਼ਾਮ-ਏ-ਜਗਤ
ਹੁਸ਼ਿਆਰਪੁਰ (ਦਲਜੀਤ ਅਜਨੋਹਾ)

ਪੰਜਾਬ ਸਰਕਾਰ ਵੱਲੋਂ ਨਸ਼ਿਆਂ ਵਿਰੁੱਧ ਚਲਾਈ ਜਾ ਰਹੀ ਮੁਹਿੰਮ ਤਹਿਤ ਪੁਲਿਸ ਨੇ ਇੱਕ ਨੌਜਵਾਨ ਨੂੰ 3.88 ਗ੍ਰਾਮ ਹੈਰੋਇਨ ਅਤੇ 26 ਨਸ਼ੀਲੀਆਂ ਗੋਲੀਆਂ ਸਮੇਤ ਕਾਬੂ ਕੀਤਾ ਹੈ।

ਪੁਲਿਸ ਨੇ ਦੱਸਿਆ ਕਿ ਗੁਪਤ ਸੂਚਨਾ ਦੇ ਆਧਾਰ 'ਤੇ ਨਾਕਾਬੰਦੀ ਕਰਕੇ ਮੁਲਜ਼ਮ ਨੂੰ ਕਾਬੂ ਕੀਤਾ ਗਿਆ। ਮੁਲਜ਼ਮ ਖ਼ਿਲਾਫ਼ ਐਨ.ਡੀ.ਪੀ.ਐਸ. ਐਕਟ ਤਹਿਤ ਮਾਮਲਾ ਦਰਜ ਕਰਕੇ ਅਗਲੀ ਕਾਰਵਾਈ ਸ਼ੁਰੂ ਕਰ ਦਿੱਤੀ ਗਈ ਹੈ।

ਤਾਂ ਪੁਲਿਸ ਨੇ ਮੁਲਜ਼ਮ ਪਾਸੋਂ ਹੋਰ ਪੁੱਛ-ਗਿੱਛ ਸ਼ੁਰੂ ਕਰ ਦਿੱਤੀ ਹੈ।
ਪੁਲਿਸ ਨੇ ਨੌਜਵਾਨ ਤੋਂ 3.88 ਗ੍ਰਾਮ ਹੈਰੋਇਨ ਤੇ 26 ਗੋਲੀਆਂ ਬਰਾਮਦ ਕੀਤੀਆਂ।

ਉਨ੍ਹਾਂ ਕਿਹਾ ਕਿ ਨਸ਼ਾ ਤਸਕਰਾਂ ਖ਼ਿਲਾਫ਼ ਮੁਹਿੰਮ ਲਗਾਤਾਰ ਜਾਰੀ ਰਹੇਗੀ ਅਤੇ ਕਿਸੇ ਨੂੰ ਵੀ ਬਖ਼ਸ਼ਿਆ ਨਹੀਂ ਜਾਵੇਗਾ।

ਹੋਣਹਾਰ ਵਿਦਿਆਰਥੀ ਅਤੇ ਸ਼ਾਨਦਾਰ ਖਿਡਾਰੀ ਸਨਮਾਨ ਸਮਾਰੋਹ
ਯੁਵਾ ਤਕਨਾਲੋਜੀ ਨਾਲ ਅੱਗੇ ਵੱਧਣ : ਹਰਵਿੰਦਰ ਕਲਿਆਣ
ਪੈਗ਼ਾਮ-ਏ-ਜਗਤ/ਚੰਡੀਗੜ੍ਹ
18 ਜਨਵਰੀ (ਹਰਮਿੰਦਰ ਸਿੰਘ ਨਾਰਾਪਾਲ)

ਹਰਿਆਣਾ ਵਿਧਾਨ ਸਭਾ ਸਪੀਕਰ ਸ੍ਰੀ ਹਰਵਿੰਦਰ ਕਲਿਆਣ ਨੇ ਕਿਹਾ ਕਿ ਅੱਜ ਦਾ ਯੁਵਾ ਤਕਨਾਲੋਜੀ ਨਾਲ ਅੱਗੇ ਵੱਧ ਰਿਹਾ ਹੈ ਅਤੇ ਦੇਸ਼ ਦੇ ਵਿਕਾਸ ਵਿੱਚ ਅਹਿਮ ਯੋਗਦਾਨ ਪਾ ਰਿਹਾ ਹੈ।

ਉਹ ਅੱਜ ਹੋਣਹਾਰ ਵਿਦਿਆਰਥੀ ਅਤੇ ਸ਼ਾਨਦਾਰ ਖਿਡਾਰੀ ਸਨਮਾਨ ਸਮਾਰੋਹ ਵਿੱਚ ਮੁੱਖ ਮਹਿਮਾਨ ਵੱਜੋਂ ਸ਼ਾਮਲ ਹੋਏ। ਇਸ ਮੌਕੇ 12ਵੀਂ ਜਮਾਤ ਵਿੱਚ 90 ਫੀਸਦੀ ਤੋਂ ਵੱਧ ਅੰਕ ਲੈਣ ਵਾਲੇ 330 ਵਿਦਿਆਰਥੀਆਂ ਅਤੇ ਖਿਡਾਰੀਆਂ ਨੂੰ ਸਨਮਾਨਿਤ ਕੀਤਾ ਗਿਆ।

ਉਨ੍ਹਾਂ ਨੇ ਕਿਹਾ ਕਿ ਸਿੱਖਿਆ ਅਤੇ ਖੇਡਾਂ ਦੋਵੇਂ ਹੀ ਬੱਚਿਆਂ ਦੇ ਸਰਬਪੱਖੀ ਵਿਕਾਸ ਲਈ ਜ਼ਰੂਰੀ ਹਨ, ਅਤੇ ਸਰਕਾਰ ਵਿਦਿਆਰਥੀਆਂ ਨੂੰ ਹਰ ਸੰਭਵ ਸਹੂਲਤ ਦੇਣ ਲਈ ਵਚਨਬੱਧ ਹੈ।
